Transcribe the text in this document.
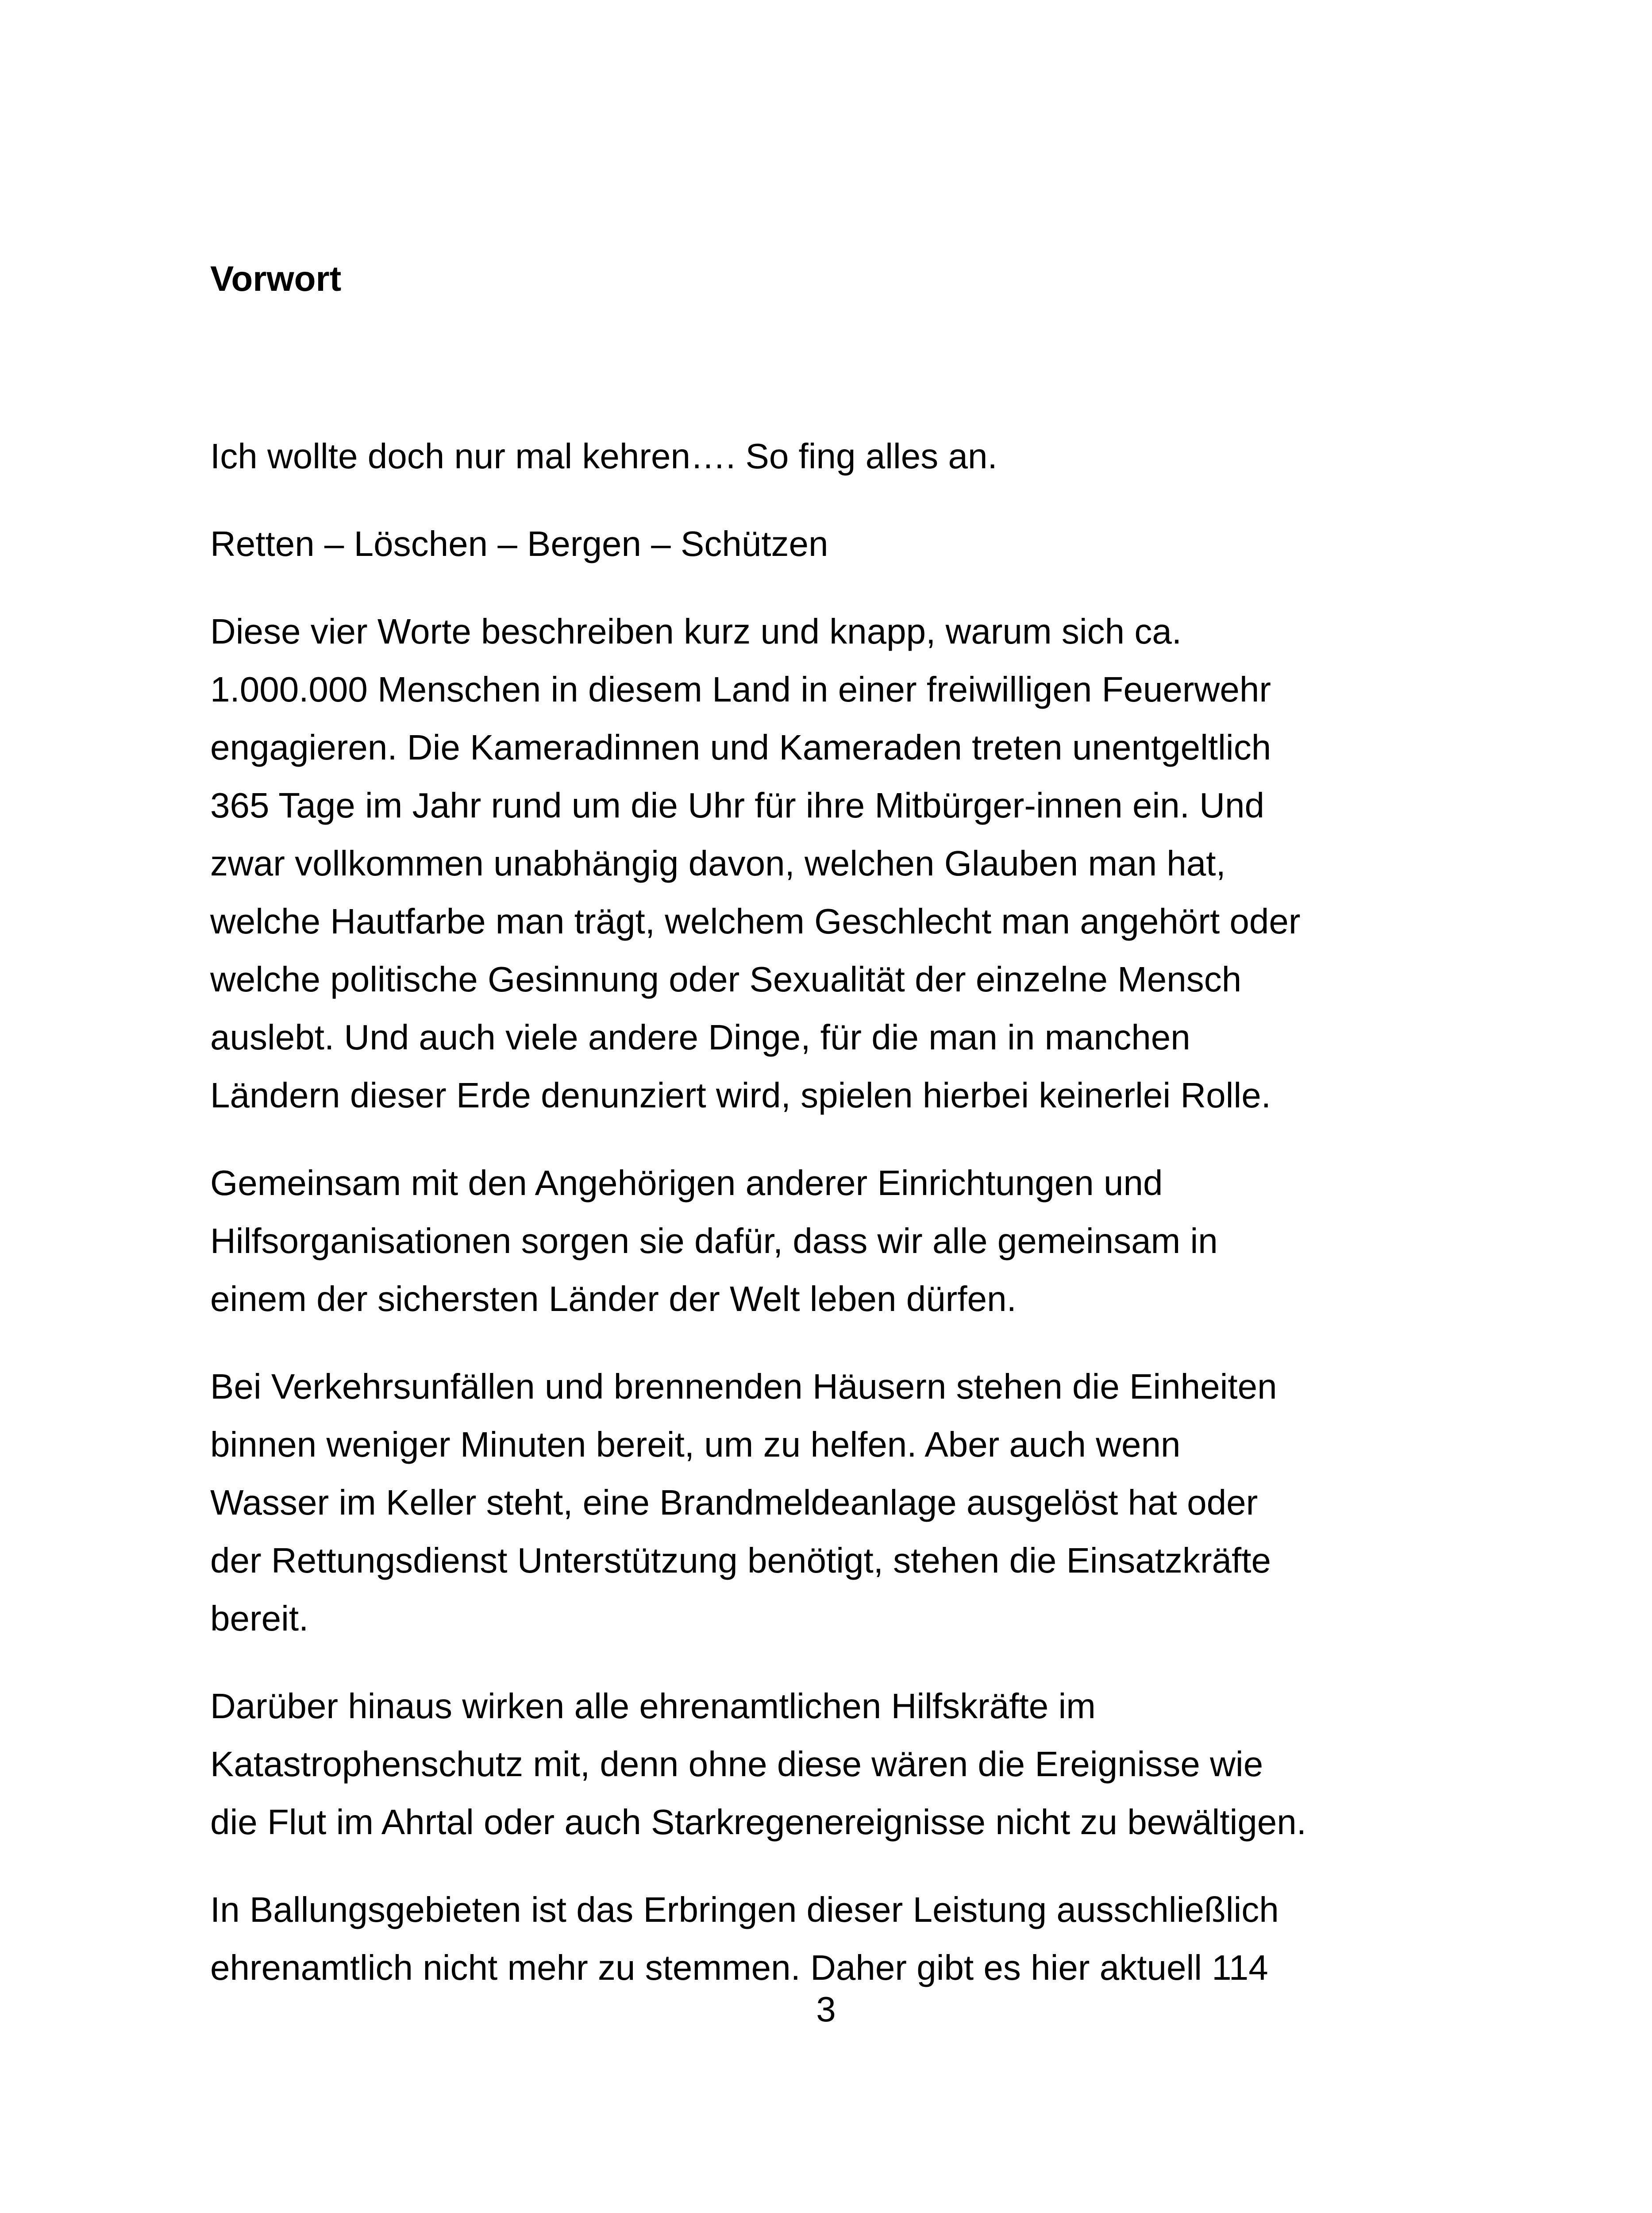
Vorwort

Ich wollte doch nur mal kehren…. So fing alles an.

Retten – Löschen – Bergen – Schützen

Diese vier Worte beschreiben kurz und knapp, warum sich ca.
1.000.000 Menschen in diesem Land in einer freiwilligen Feuerwehr
engagieren. Die Kameradinnen und Kameraden treten unentgeltlich
365 Tage im Jahr rund um die Uhr für ihre Mitbürger-innen ein. Und
zwar vollkommen unabhängig davon, welchen Glauben man hat,
welche Hautfarbe man trägt, welchem Geschlecht man angehört oder
welche politische Gesinnung oder Sexualität der einzelne Mensch
auslebt. Und auch viele andere Dinge, für die man in manchen
Ländern dieser Erde denunziert wird, spielen hierbei keinerlei Rolle.

Gemeinsam mit den Angehörigen anderer Einrichtungen und
Hilfsorganisationen sorgen sie dafür, dass wir alle gemeinsam in
einem der sichersten Länder der Welt leben dürfen.

Bei Verkehrsunfällen und brennenden Häusern stehen die Einheiten
binnen weniger Minuten bereit, um zu helfen. Aber auch wenn
Wasser im Keller steht, eine Brandmeldeanlage ausgelöst hat oder
der Rettungsdienst Unterstützung benötigt, stehen die Einsatzkräfte
bereit.

Darüber hinaus wirken alle ehrenamtlichen Hilfskräfte im
Katastrophenschutz mit, denn ohne diese wären die Ereignisse wie
die Flut im Ahrtal oder auch Starkregenereignisse nicht zu bewältigen.

In Ballungsgebieten ist das Erbringen dieser Leistung ausschließlich
ehrenamtlich nicht mehr zu stemmen. Daher gibt es hier aktuell 114

3
